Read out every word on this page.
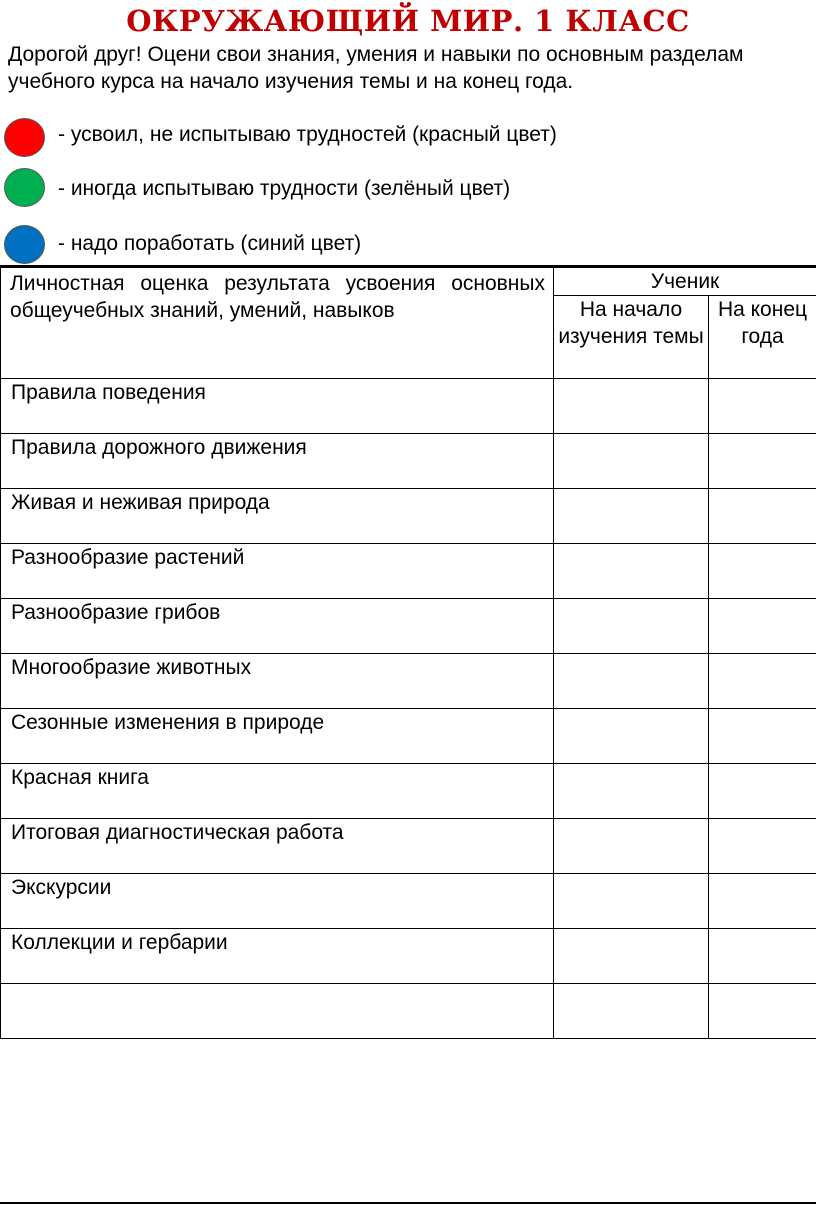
ОКРУЖАЮЩИЙ МИР. 1 КЛАСС

Дорогой друг! Оцени свои знания, умения и навыки по основным разделам учебного курса на начало изучения темы и на конец года.

- усвоил, не испытываю трудностей (красный цвет)
- иногда испытываю трудности (зелёный цвет)
- надо поработать (синий цвет)
Личностная оценка результата усвоения основных общеучебных знаний, умений, навыков	Ученик	
	На начало изучения темы	На конец года
Правила поведения		
Правила дорожного движения		
Живая и неживая природа		
Разнообразие растений		
Разнообразие грибов		
Многообразие животных		
Сезонные изменения в природе		
Красная книга		
Итоговая диагностическая работа		
Экскурсии		
Коллекции и гербарии		
